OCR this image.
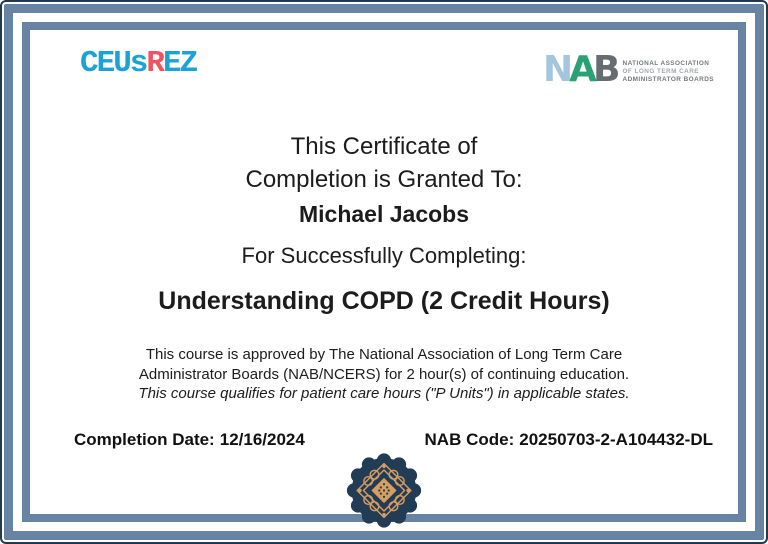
CEUsREZ	NAB NATIONAL ASSOCIATION
OF LONG TERM CARE
ADMINISTRATOR BOARDS
This Certificate of
Completion is Granted To:
Michael Jacobs
For Successfully Completing:
Understanding COPD (2 Credit Hours)
This course is approved by The National Association of Long Term Care
Administrator Boards (NAB/NCERS) for 2 hour(s) of continuing education.
This course qualifies for patient care hours ("P Units") in applicable states.
Completion Date: 12/16/2024	NAB Code: 20250703-2-A104432-DL
